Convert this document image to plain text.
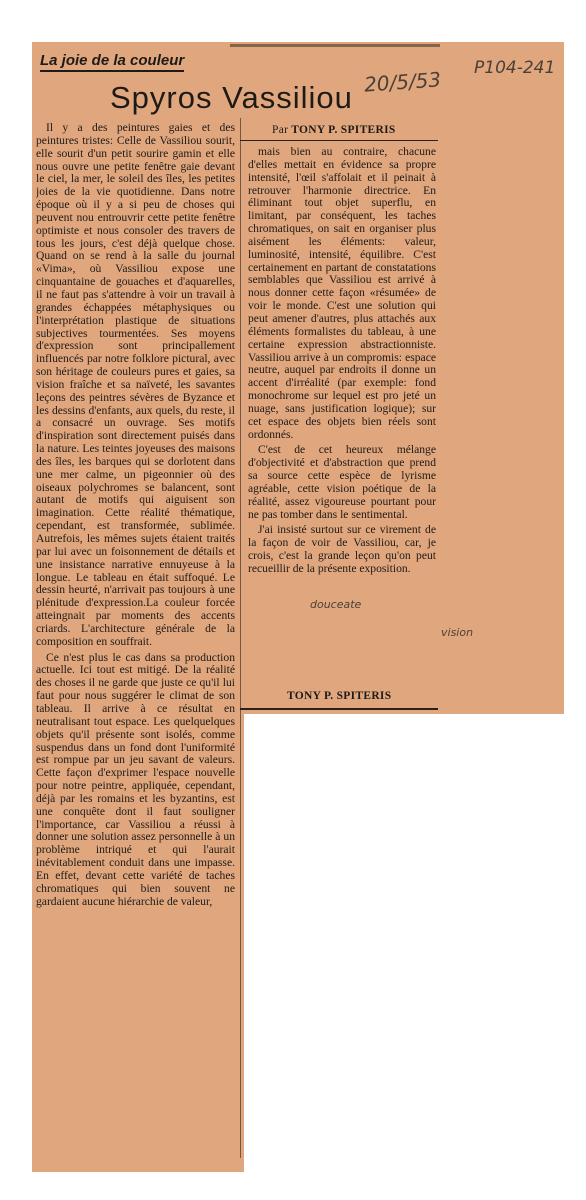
La joie de la couleur
Spyros Vassiliou 20/5/53 P104-241
Par TONY P. SPITERIS

Il y a des peintures gaies et des peintures tristes: Celle de Vassiliou sourit, elle sourit d'un petit sourire gamin et elle nous ouvre une petite fenêtre gaie devant le ciel, la mer, le soleil des îles, les petites joies de la vie quotidienne. Dans notre époque où il y a si peu de choses qui peuvent nou entrouvrir cette petite fenêtre optimiste et nous consoler des travers de tous les jours, c'est déjà quelque chose. Quand on se rend à la salle du journal «Vima», où Vassiliou expose une cinquantaine de gouaches et d'aquarelles, il ne faut pas s'attendre à voir un travail à grandes échappées métaphysiques ou l'interprétation plastique de situations subjectives tourmentées. Ses moyens d'expression sont principallement influencés par notre folklore pictural, avec son héritage de couleurs pures et gaies, sa vision fraîche et sa naïveté, les savantes leçons des peintres sévères de Byzance et les dessins d'enfants, aux quels, du reste, il a consacré un ouvrage. Ses motifs d'inspiration sont directement puisés dans la nature. Les teintes joyeuses des maisons des îles, les barques qui se dorlotent dans une mer calme, un pigeonnier où des oiseaux polychromes se balancent, sont autant de motifs qui aiguisent son imagination. Cette réalité thématique, cependant, est transformée, sublimée. Autrefois, les mêmes sujets étaient traités par lui avec un foisonnement de détails et une insistance narrative ennuyeuse à la longue. Le tableau en était suffoqué. Le dessin heurté, n'arrivait pas toujours à une plénitude d'expression.La couleur forcée atteingnait par moments des accents criards. L'architecture générale de la composition en souffrait.

Ce n'est plus le cas dans sa production actuelle. Ici tout est mitigé. De la réalité des choses il ne garde que juste ce qu'il lui faut pour nous suggérer le climat de son tableau. Il arrive à ce résultat en neutralisant tout espace. Les quelquelques objets qu'il présente sont isolés, comme suspendus dans un fond dont l'uniformité est rompue par un jeu savant de valeurs. Cette façon d'exprimer l'espace nouvelle pour notre peintre, appliquée, cependant, déjà par les romains et les byzantins, est une conquête dont il faut souligner l'importance, car Vassiliou a réussi à donner une solution assez personnelle à un problème intriqué et qui l'aurait inévitablement conduit dans une impasse. En effet, devant cette variété de taches chromatiques qui bien souvent ne gardaient aucune hiérarchie de valeur,

mais bien au contraire, chacune d'elles mettait en évidence sa propre intensité, l'œil s'affolait et il peinait à retrouver l'harmonie directrice. En éliminant tout objet superflu, en limitant, par conséquent, les taches chromatiques, on sait en organiser plus aisément les éléments: valeur, luminosité, intensité, équilibre. C'est certainement en partant de constatations semblables que Vassiliou est arrivé à nous donner cette façon «résumée» de voir le monde. C'est une solution qui peut amener d'autres, plus attachés aux éléments formalistes du tableau, à une certaine expression abstractionniste. Vassiliou arrive à un compromis: espace neutre, auquel par endroits il donne un accent d'irréalité (par exemple: fond monochrome sur lequel est pro jeté un nuage, sans justification logique); sur cet espace des objets bien réels sont ordonnés.

C'est de cet heureux mélange d'objectivité et d'abstraction que prend sa source cette espèce de lyrisme agréable, cette vision poétique de la réalité, assez vigoureuse pourtant pour ne pas tomber dans le sentimental.

J'ai insisté surtout sur ce virement de la façon de voir de Vassiliou, car, je crois, c'est la grande leçon qu'on peut recueillir de la présente exposition.

douceate
vision
TONY P. SPITERIS
